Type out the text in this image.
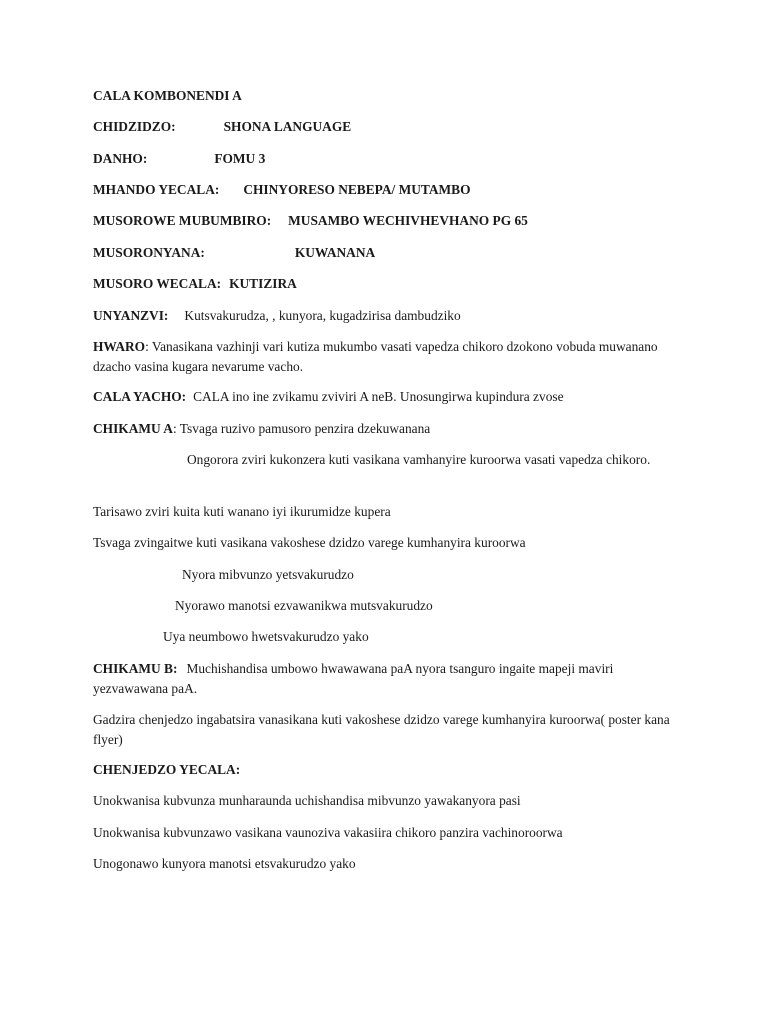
CALA KOMBONENDI A
CHIDZIDZO:	SHONA LANGUAGE
DANHO:	FOMU 3
MHANDO YECALA: CHINYORESO NEBEPA/ MUTAMBO
MUSOROWE MUBUMBIRO: MUSAMBO WECHIVHEVHANO PG 65
MUSORONYANA:	KUWANANA
MUSORO WECALA: KUTIZIRA
UNYANZVI: Kutsvakurudza, , kunyora, kugadzirisa dambudziko
HWARO: Vanasikana vazhinji vari kutiza mukumbo vasati vapedza chikoro dzokono vobuda muwanano dzacho vasina kugara nevarume vacho.
CALA YACHO: CALA ino ine zvikamu zviviri A neB. Unosungirwa kupindura zvose
CHIKAMU A: Tsvaga ruzivo pamusoro penzira dzekuwanana
Ongorora zviri kukonzera kuti vasikana vamhanyire kuroorwa vasati vapedza chikoro.
Tarisawo zviri kuita kuti wanano iyi ikurumidze kupera
Tsvaga zvingaitwe kuti vasikana vakoshese dzidzo varege kumhanyira kuroorwa
Nyora mibvunzo yetsvakurudzo
Nyorawo manotsi ezvawanikwa mutsvakurudzo
Uya neumbowo hwetsvakurudzo yako
CHIKAMU B: Muchishandisa umbowo hwawawana paA nyora tsanguro ingaite mapeji maviri yezvawawana paA.
Gadzira chenjedzo ingabatsira vanasikana kuti vakoshese dzidzo varege kumhanyira kuroorwa( poster kana flyer)
CHENJEDZO YECALA:
Unokwanisa kubvunza munharaunda uchishandisa mibvunzo yawakanyora pasi
Unokwanisa kubvunzawo vasikana vaunoziva vakasiira chikoro panzira vachinoroorwa
Unogonawo kunyora manotsi etsvakurudzo yako
